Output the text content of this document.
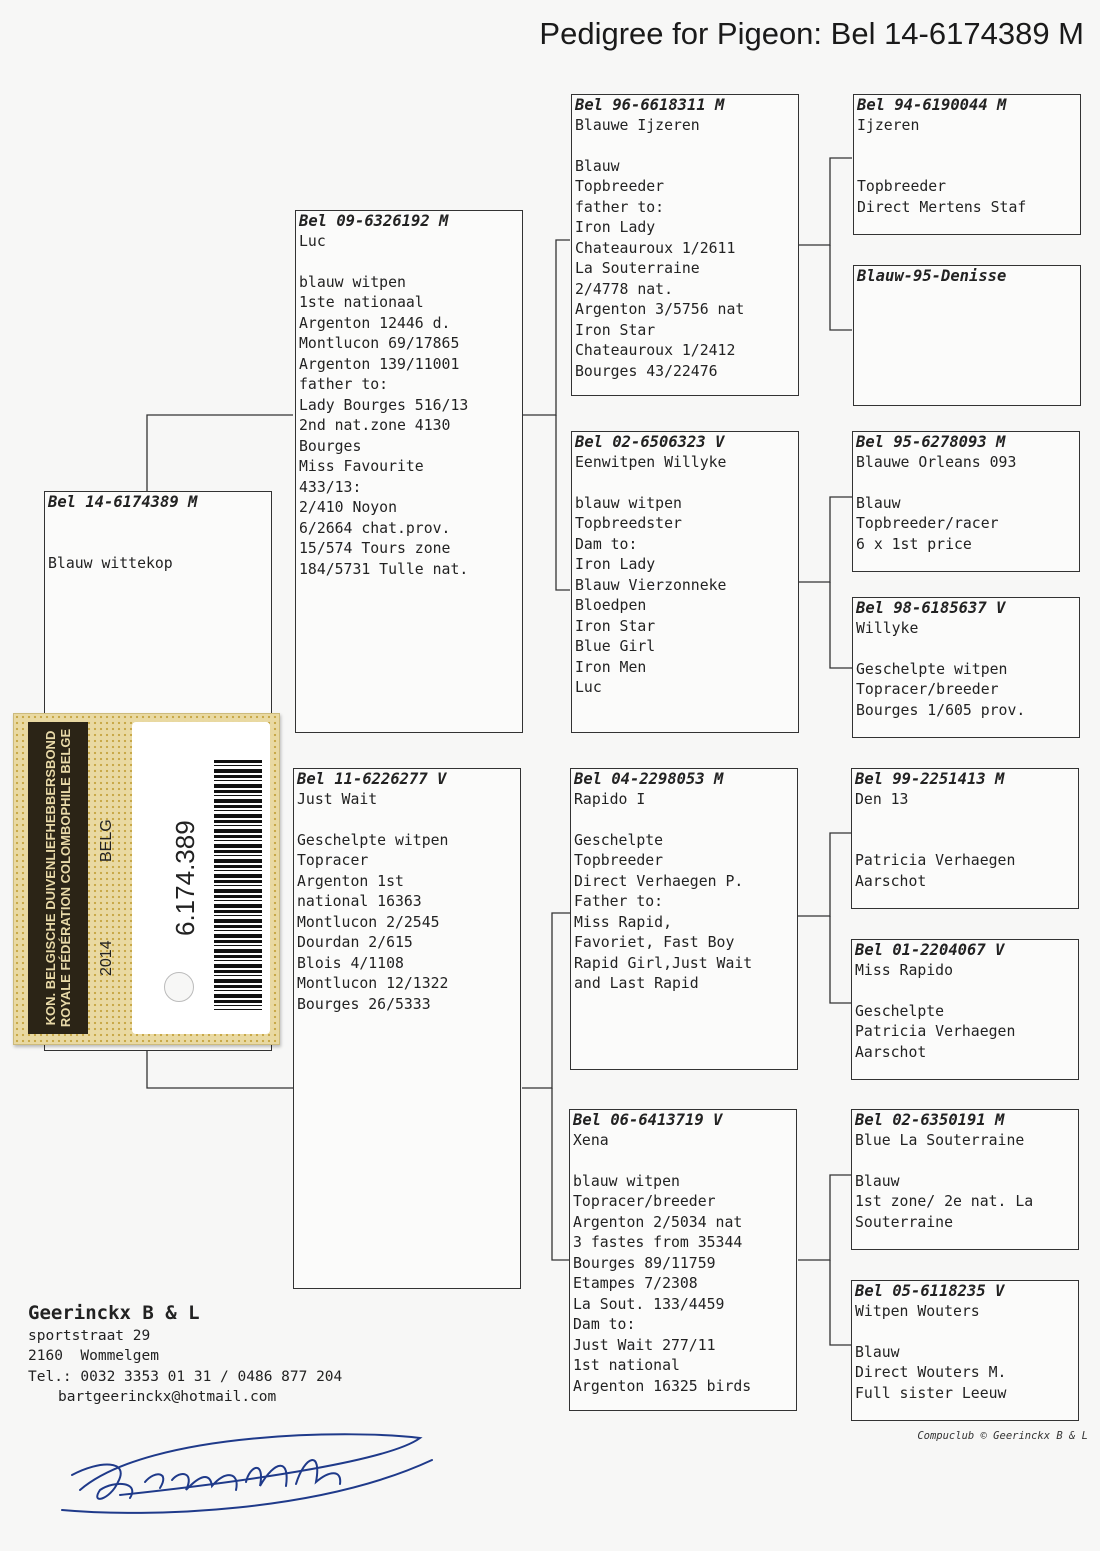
Pedigree for Pigeon: Bel 14-6174389 M
Bel 14-6174389 M
Blauw wittekop
Bel 09-6326192 M
Luc
blauw witpen
1ste nationaal
Argenton 12446 d.
Montlucon 69/17865
Argenton 139/11001
father to:
Lady Bourges 516/13
2nd nat.zone 4130
Bourges
Miss Favourite
433/13:
2/410 Noyon
6/2664 chat.prov.
15/574 Tours zone
184/5731 Tulle nat.
Bel 11-6226277 V
Just Wait
Geschelpte witpen
Topracer
Argenton 1st
national 16363
Montlucon 2/2545
Dourdan 2/615
Blois 4/1108
Montlucon 12/1322
Bourges 26/5333
Bel 96-6618311 M
Blauwe Ijzeren
Blauw
Topbreeder
father to:
Iron Lady
Chateauroux 1/2611
La Souterraine
2/4778 nat.
Argenton 3/5756 nat
Iron Star
Chateauroux 1/2412
Bourges 43/22476
Bel 02-6506323 V
Eenwitpen Willyke
blauw witpen
Topbreedster
Dam to:
Iron Lady
Blauw Vierzonneke
Bloedpen
Iron Star
Blue Girl
Iron Men
Luc
Bel 04-2298053 M
Rapido I
Geschelpte
Topbreeder
Direct Verhaegen P.
Father to:
Miss Rapid,
Favoriet, Fast Boy
Rapid Girl,Just Wait
and Last Rapid
Bel 06-6413719 V
Xena
blauw witpen
Topracer/breeder
Argenton 2/5034 nat
3 fastes from 35344
Bourges 89/11759
Etampes 7/2308
La Sout. 133/4459
Dam to:
Just Wait 277/11
1st national
Argenton 16325 birds
Bel 94-6190044 M
Ijzeren
Topbreeder
Direct Mertens Staf
Blauw-95-Denisse
Bel 95-6278093 M
Blauwe Orleans 093
Blauw
Topbreeder/racer
6 x 1st price
Bel 98-6185637 V
Willyke
Geschelpte witpen
Topracer/breeder
Bourges 1/605 prov.
Bel 99-2251413 M
Den 13
Patricia Verhaegen
Aarschot
Bel 01-2204067 V
Miss Rapido
Geschelpte
Patricia Verhaegen
Aarschot
Bel 02-6350191 M
Blue La Souterraine
Blauw
1st zone/ 2e nat. La
Souterraine
Bel 05-6118235 V
Witpen Wouters
Blauw
Direct Wouters M.
Full sister Leeuw
KON. BELGISCHE DUIVENLIEFHEBBERSBOND ROYALE FÉDÉRATION COLOMBOPHILE BELGE 2014
BELG 6.174.389
Geerinckx B & L
sportstraat 29
2160  Wommelgem
Tel.: 0032 3353 01 31 / 0486 877 204
bartgeerinckx@hotmail.com
Compuclub © Geerinckx B & L
